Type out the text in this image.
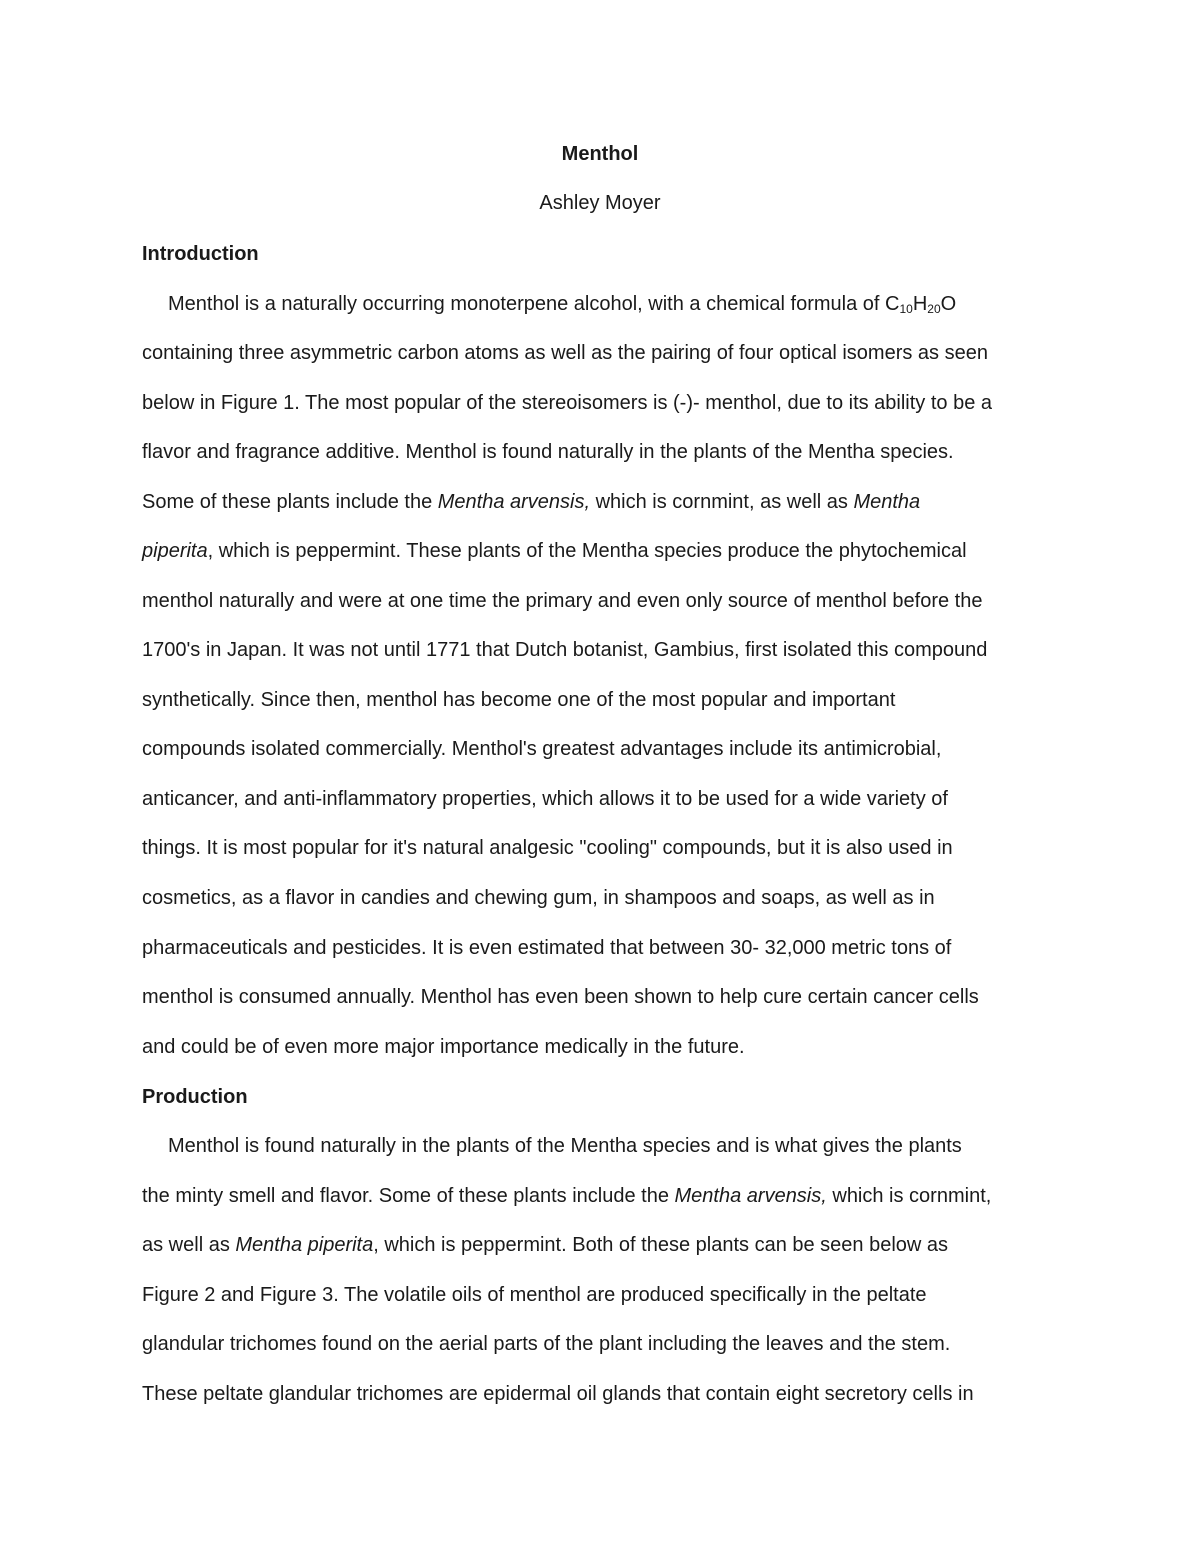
Menthol
Ashley Moyer
Introduction
Menthol is a naturally occurring monoterpene alcohol, with a chemical formula of $C_{10}H_{20}O$
containing three asymmetric carbon atoms as well as the pairing of four optical isomers as seen
below in Figure 1. The most popular of the stereoisomers is (-)- menthol, due to its ability to be a
flavor and fragrance additive. Menthol is found naturally in the plants of the Mentha species.
Some of these plants include the Mentha arvensis, which is cornmint, as well as Mentha
piperita, which is peppermint. These plants of the Mentha species produce the phytochemical
menthol naturally and were at one time the primary and even only source of menthol before the
1700's in Japan. It was not until 1771 that Dutch botanist, Gambius, first isolated this compound
synthetically. Since then, menthol has become one of the most popular and important
compounds isolated commercially. Menthol's greatest advantages include its antimicrobial,
anticancer, and anti-inflammatory properties, which allows it to be used for a wide variety of
things. It is most popular for it's natural analgesic "cooling" compounds, but it is also used in
cosmetics, as a flavor in candies and chewing gum, in shampoos and soaps, as well as in
pharmaceuticals and pesticides. It is even estimated that between 30- 32,000 metric tons of
menthol is consumed annually. Menthol has even been shown to help cure certain cancer cells
and could be of even more major importance medically in the future.
Production
Menthol is found naturally in the plants of the Mentha species and is what gives the plants
the minty smell and flavor. Some of these plants include the Mentha arvensis, which is cornmint,
as well as Mentha piperita, which is peppermint. Both of these plants can be seen below as
Figure 2 and Figure 3. The volatile oils of menthol are produced specifically in the peltate
glandular trichomes found on the aerial parts of the plant including the leaves and the stem.
These peltate glandular trichomes are epidermal oil glands that contain eight secretory cells in
